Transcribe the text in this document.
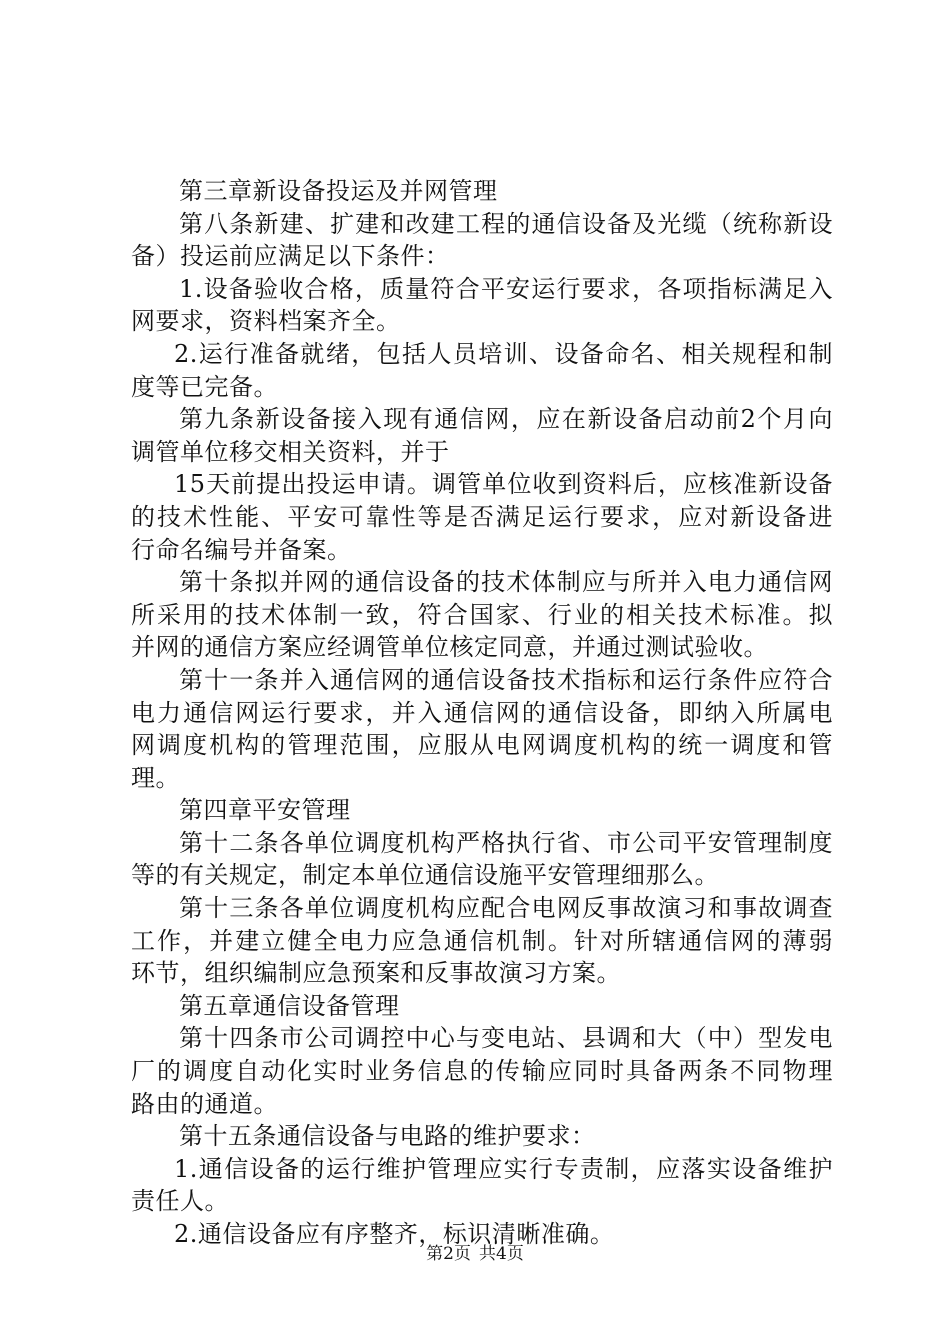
第三章新设备投运及并网管理
第八条新建、扩建和改建工程的通信设备及光缆（统称新设
备）投运前应满足以下条件：
1.设备验收合格，质量符合平安运行要求，各项指标满足入
网要求，资料档案齐全。
2.运行准备就绪，包括人员培训、设备命名、相关规程和制
度等已完备。
第九条新设备接入现有通信网，应在新设备启动前2个月向
调管单位移交相关资料，并于
15天前提出投运申请。调管单位收到资料后，应核准新设备
的技术性能、平安可靠性等是否满足运行要求，应对新设备进
行命名编号并备案。
第十条拟并网的通信设备的技术体制应与所并入电力通信网
所采用的技术体制一致，符合国家、行业的相关技术标准。拟
并网的通信方案应经调管单位核定同意，并通过测试验收。
第十一条并入通信网的通信设备技术指标和运行条件应符合
电力通信网运行要求，并入通信网的通信设备，即纳入所属电
网调度机构的管理范围，应服从电网调度机构的统一调度和管
理。
第四章平安管理
第十二条各单位调度机构严格执行省、市公司平安管理制度
等的有关规定，制定本单位通信设施平安管理细那么。
第十三条各单位调度机构应配合电网反事故演习和事故调查
工作，并建立健全电力应急通信机制。针对所辖通信网的薄弱
环节，组织编制应急预案和反事故演习方案。
第五章通信设备管理
第十四条市公司调控中心与变电站、县调和大（中）型发电
厂的调度自动化实时业务信息的传输应同时具备两条不同物理
路由的通道。
第十五条通信设备与电路的维护要求：
1.通信设备的运行维护管理应实行专责制，应落实设备维护
责任人。
2.通信设备应有序整齐，标识清晰准确。
第2页 共4页
